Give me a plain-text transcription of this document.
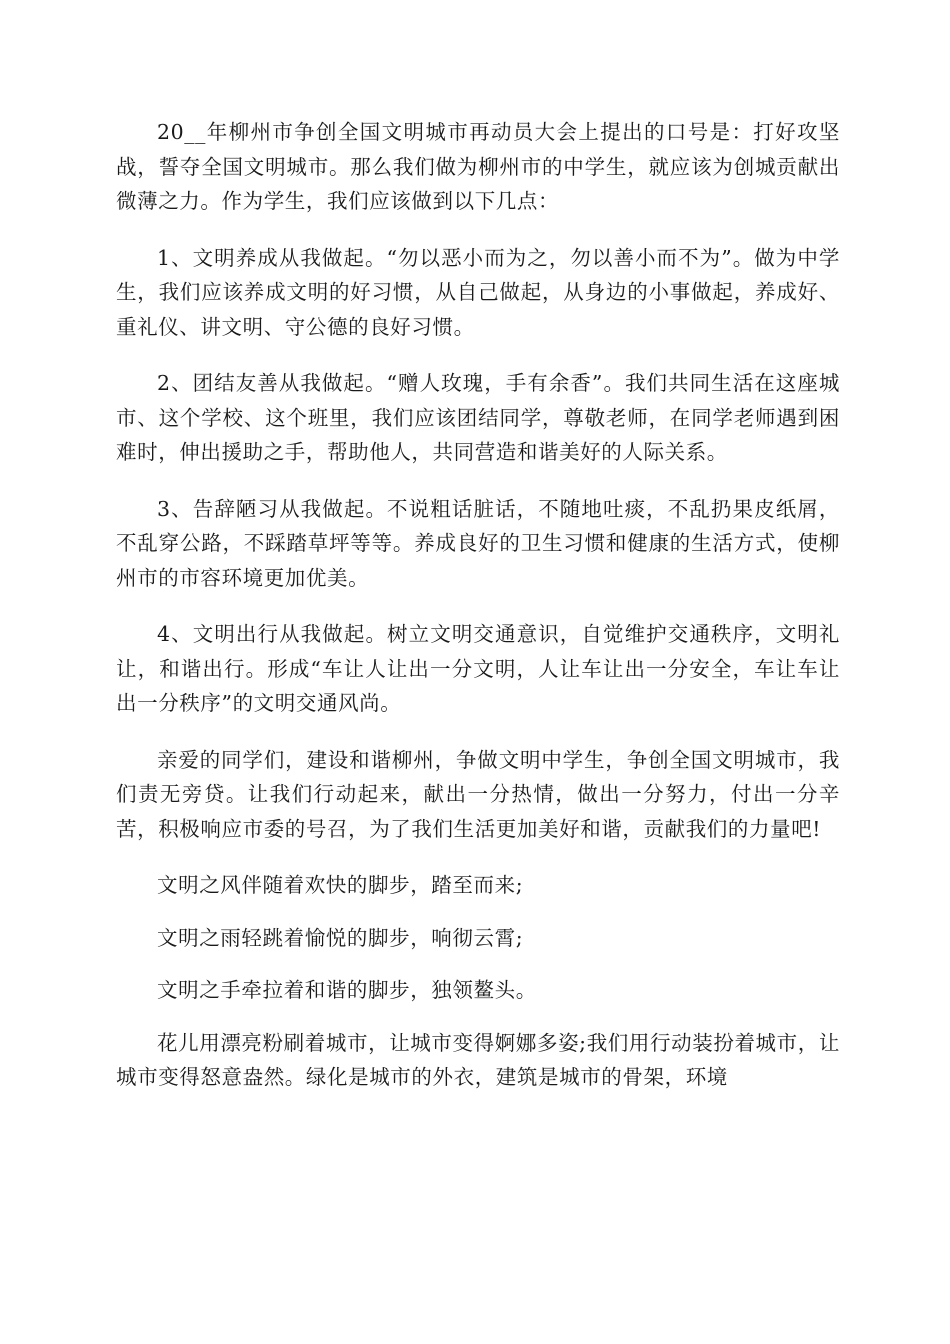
20__年柳州市争创全国文明城市再动员大会上提出的口号是：打好攻坚战，誓夺全国文明城市。那么我们做为柳州市的中学生，就应该为创城贡献出微薄之力。作为学生，我们应该做到以下几点：

1、文明养成从我做起。“勿以恶小而为之，勿以善小而不为”。做为中学生，我们应该养成文明的好习惯，从自己做起，从身边的小事做起，养成好、重礼仪、讲文明、守公德的良好习惯。

2、团结友善从我做起。“赠人玫瑰，手有余香”。我们共同生活在这座城市、这个学校、这个班里，我们应该团结同学，尊敬老师，在同学老师遇到困难时，伸出援助之手，帮助他人，共同营造和谐美好的人际关系。

3、告辞陋习从我做起。不说粗话脏话，不随地吐痰，不乱扔果皮纸屑，不乱穿公路，不踩踏草坪等等。养成良好的卫生习惯和健康的生活方式，使柳州市的市容环境更加优美。

4、文明出行从我做起。树立文明交通意识，自觉维护交通秩序，文明礼让，和谐出行。形成“车让人让出一分文明，人让车让出一分安全，车让车让出一分秩序”的文明交通风尚。

亲爱的同学们，建设和谐柳州，争做文明中学生，争创全国文明城市，我们责无旁贷。让我们行动起来，献出一分热情，做出一分努力，付出一分辛苦，积极响应市委的号召，为了我们生活更加美好和谐，贡献我们的力量吧!

文明之风伴随着欢快的脚步，踏至而来;

文明之雨轻跳着愉悦的脚步，响彻云霄;

文明之手牵拉着和谐的脚步，独领鳌头。

花儿用漂亮粉刷着城市，让城市变得婀娜多姿;我们用行动装扮着城市，让城市变得怒意盎然。绿化是城市的外衣，建筑是城市的骨架，环境
